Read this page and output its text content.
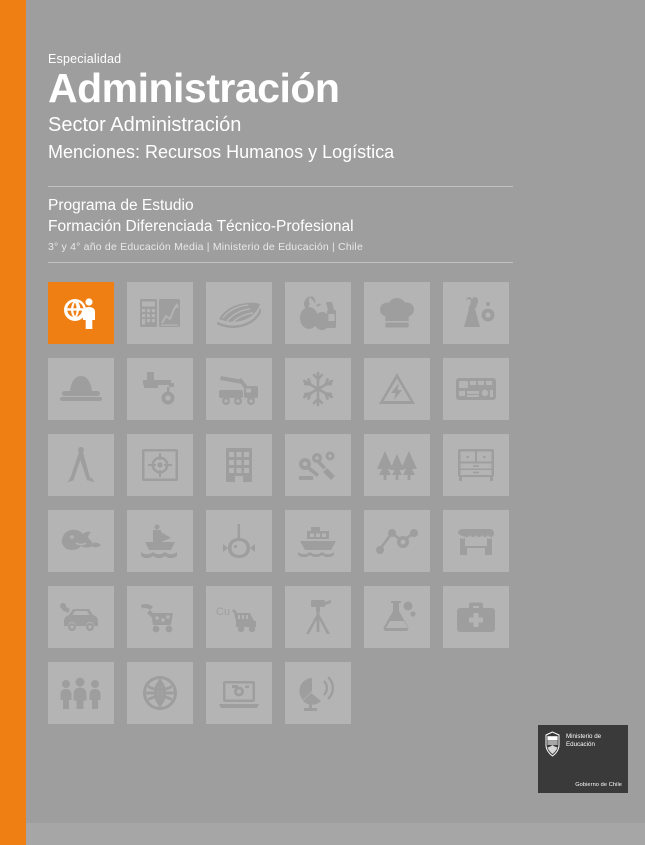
Especialidad
Administración
Sector Administración
Menciones: Recursos Humanos y Logística
Programa de Estudio
Formación Diferenciada Técnico-Profesional
3° y 4° año de Educación Media | Ministerio de Educación | Chile
Cu
Ministerio de
Educación
Gobierno de Chile
